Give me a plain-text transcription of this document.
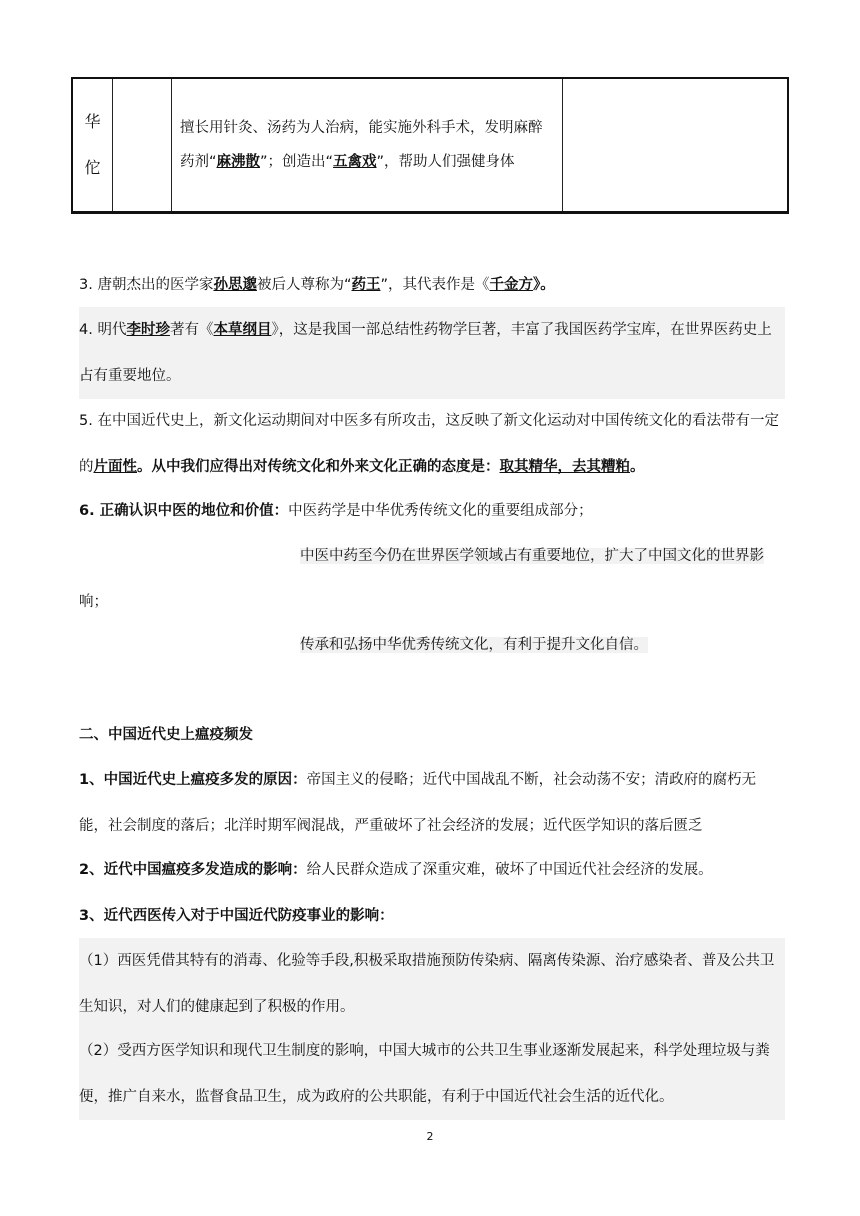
华
佗
		擅长用针灸、汤药为人治病，能实施外科手术，发明麻醉药剂“麻沸散”；创造出“五禽戏”，帮助人们强健身体	

3. 唐朝杰出的医学家孙思邈被后人尊称为“药王”，其代表作是《千金方》。

4. 明代李时珍著有《本草纲目》，这是我国一部总结性药物学巨著，丰富了我国医药学宝库，在世界医药史上占有重要地位。

5. 在中国近代史上，新文化运动期间对中医多有所攻击，这反映了新文化运动对中国传统文化的看法带有一定的片面性。从中我们应得出对传统文化和外来文化正确的态度是：取其精华，去其糟粕。

6. 正确认识中医的地位和价值：中医药学是中华优秀传统文化的重要组成部分；

中医中药至今仍在世界医学领域占有重要地位，扩大了中国文化的世界影

响；

传承和弘扬中华优秀传统文化，有利于提升文化自信。

二、中国近代史上瘟疫频发

1、中国近代史上瘟疫多发的原因：帝国主义的侵略；近代中国战乱不断，社会动荡不安；清政府的腐朽无能，社会制度的落后；北洋时期军阀混战，严重破坏了社会经济的发展；近代医学知识的落后匮乏

2、近代中国瘟疫多发造成的影响：给人民群众造成了深重灾难，破坏了中国近代社会经济的发展。

3、近代西医传入对于中国近代防疫事业的影响：

（1）西医凭借其特有的消毒、化验等手段,积极采取措施预防传染病、隔离传染源、治疗感染者、普及公共卫生知识，对人们的健康起到了积极的作用。

（2）受西方医学知识和现代卫生制度的影响，中国大城市的公共卫生事业逐渐发展起来，科学处理垃圾与粪便，推广自来水，监督食品卫生，成为政府的公共职能，有利于中国近代社会生活的近代化。

2
